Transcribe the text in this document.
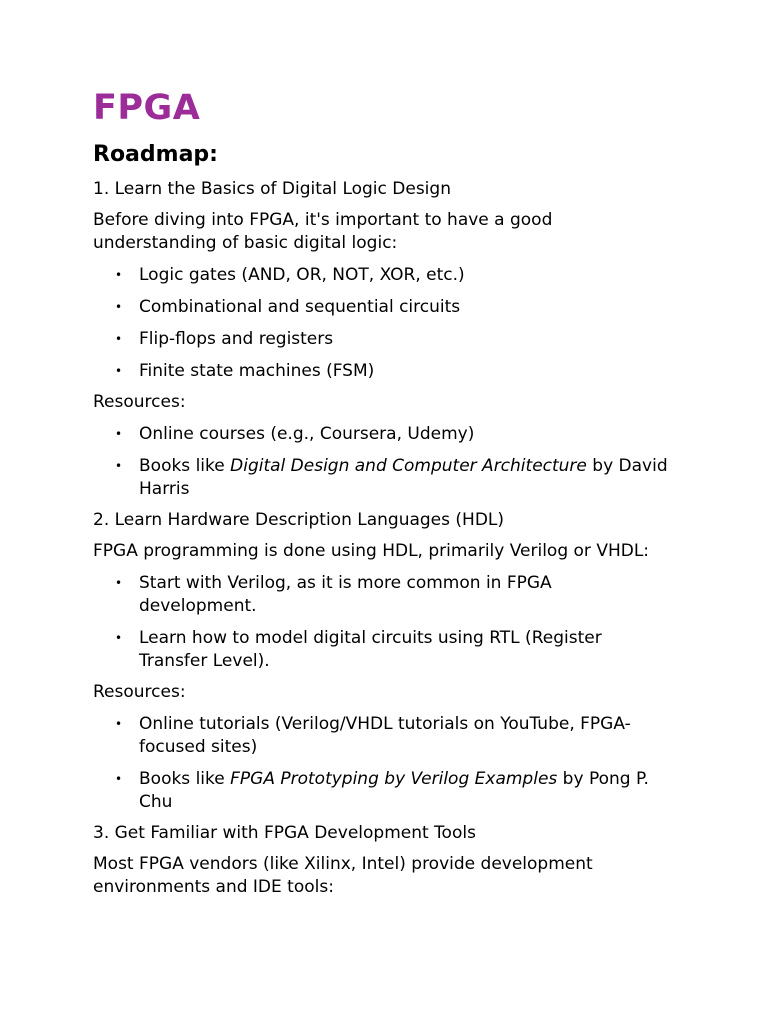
FPGA
Roadmap:

1. Learn the Basics of Digital Logic Design

Before diving into FPGA, it's important to have a good understanding of basic digital logic:

• Logic gates (AND, OR, NOT, XOR, etc.)
• Combinational and sequential circuits
• Flip-flops and registers
• Finite state machines (FSM)

Resources:

• Online courses (e.g., Coursera, Udemy)
• Books like Digital Design and Computer Architecture by David Harris

2. Learn Hardware Description Languages (HDL)

FPGA programming is done using HDL, primarily Verilog or VHDL:

• Start with Verilog, as it is more common in FPGA development.
• Learn how to model digital circuits using RTL (Register Transfer Level).

Resources:

• Online tutorials (Verilog/VHDL tutorials on YouTube, FPGA-focused sites)
• Books like FPGA Prototyping by Verilog Examples by Pong P. Chu

3. Get Familiar with FPGA Development Tools

Most FPGA vendors (like Xilinx, Intel) provide development environments and IDE tools:
